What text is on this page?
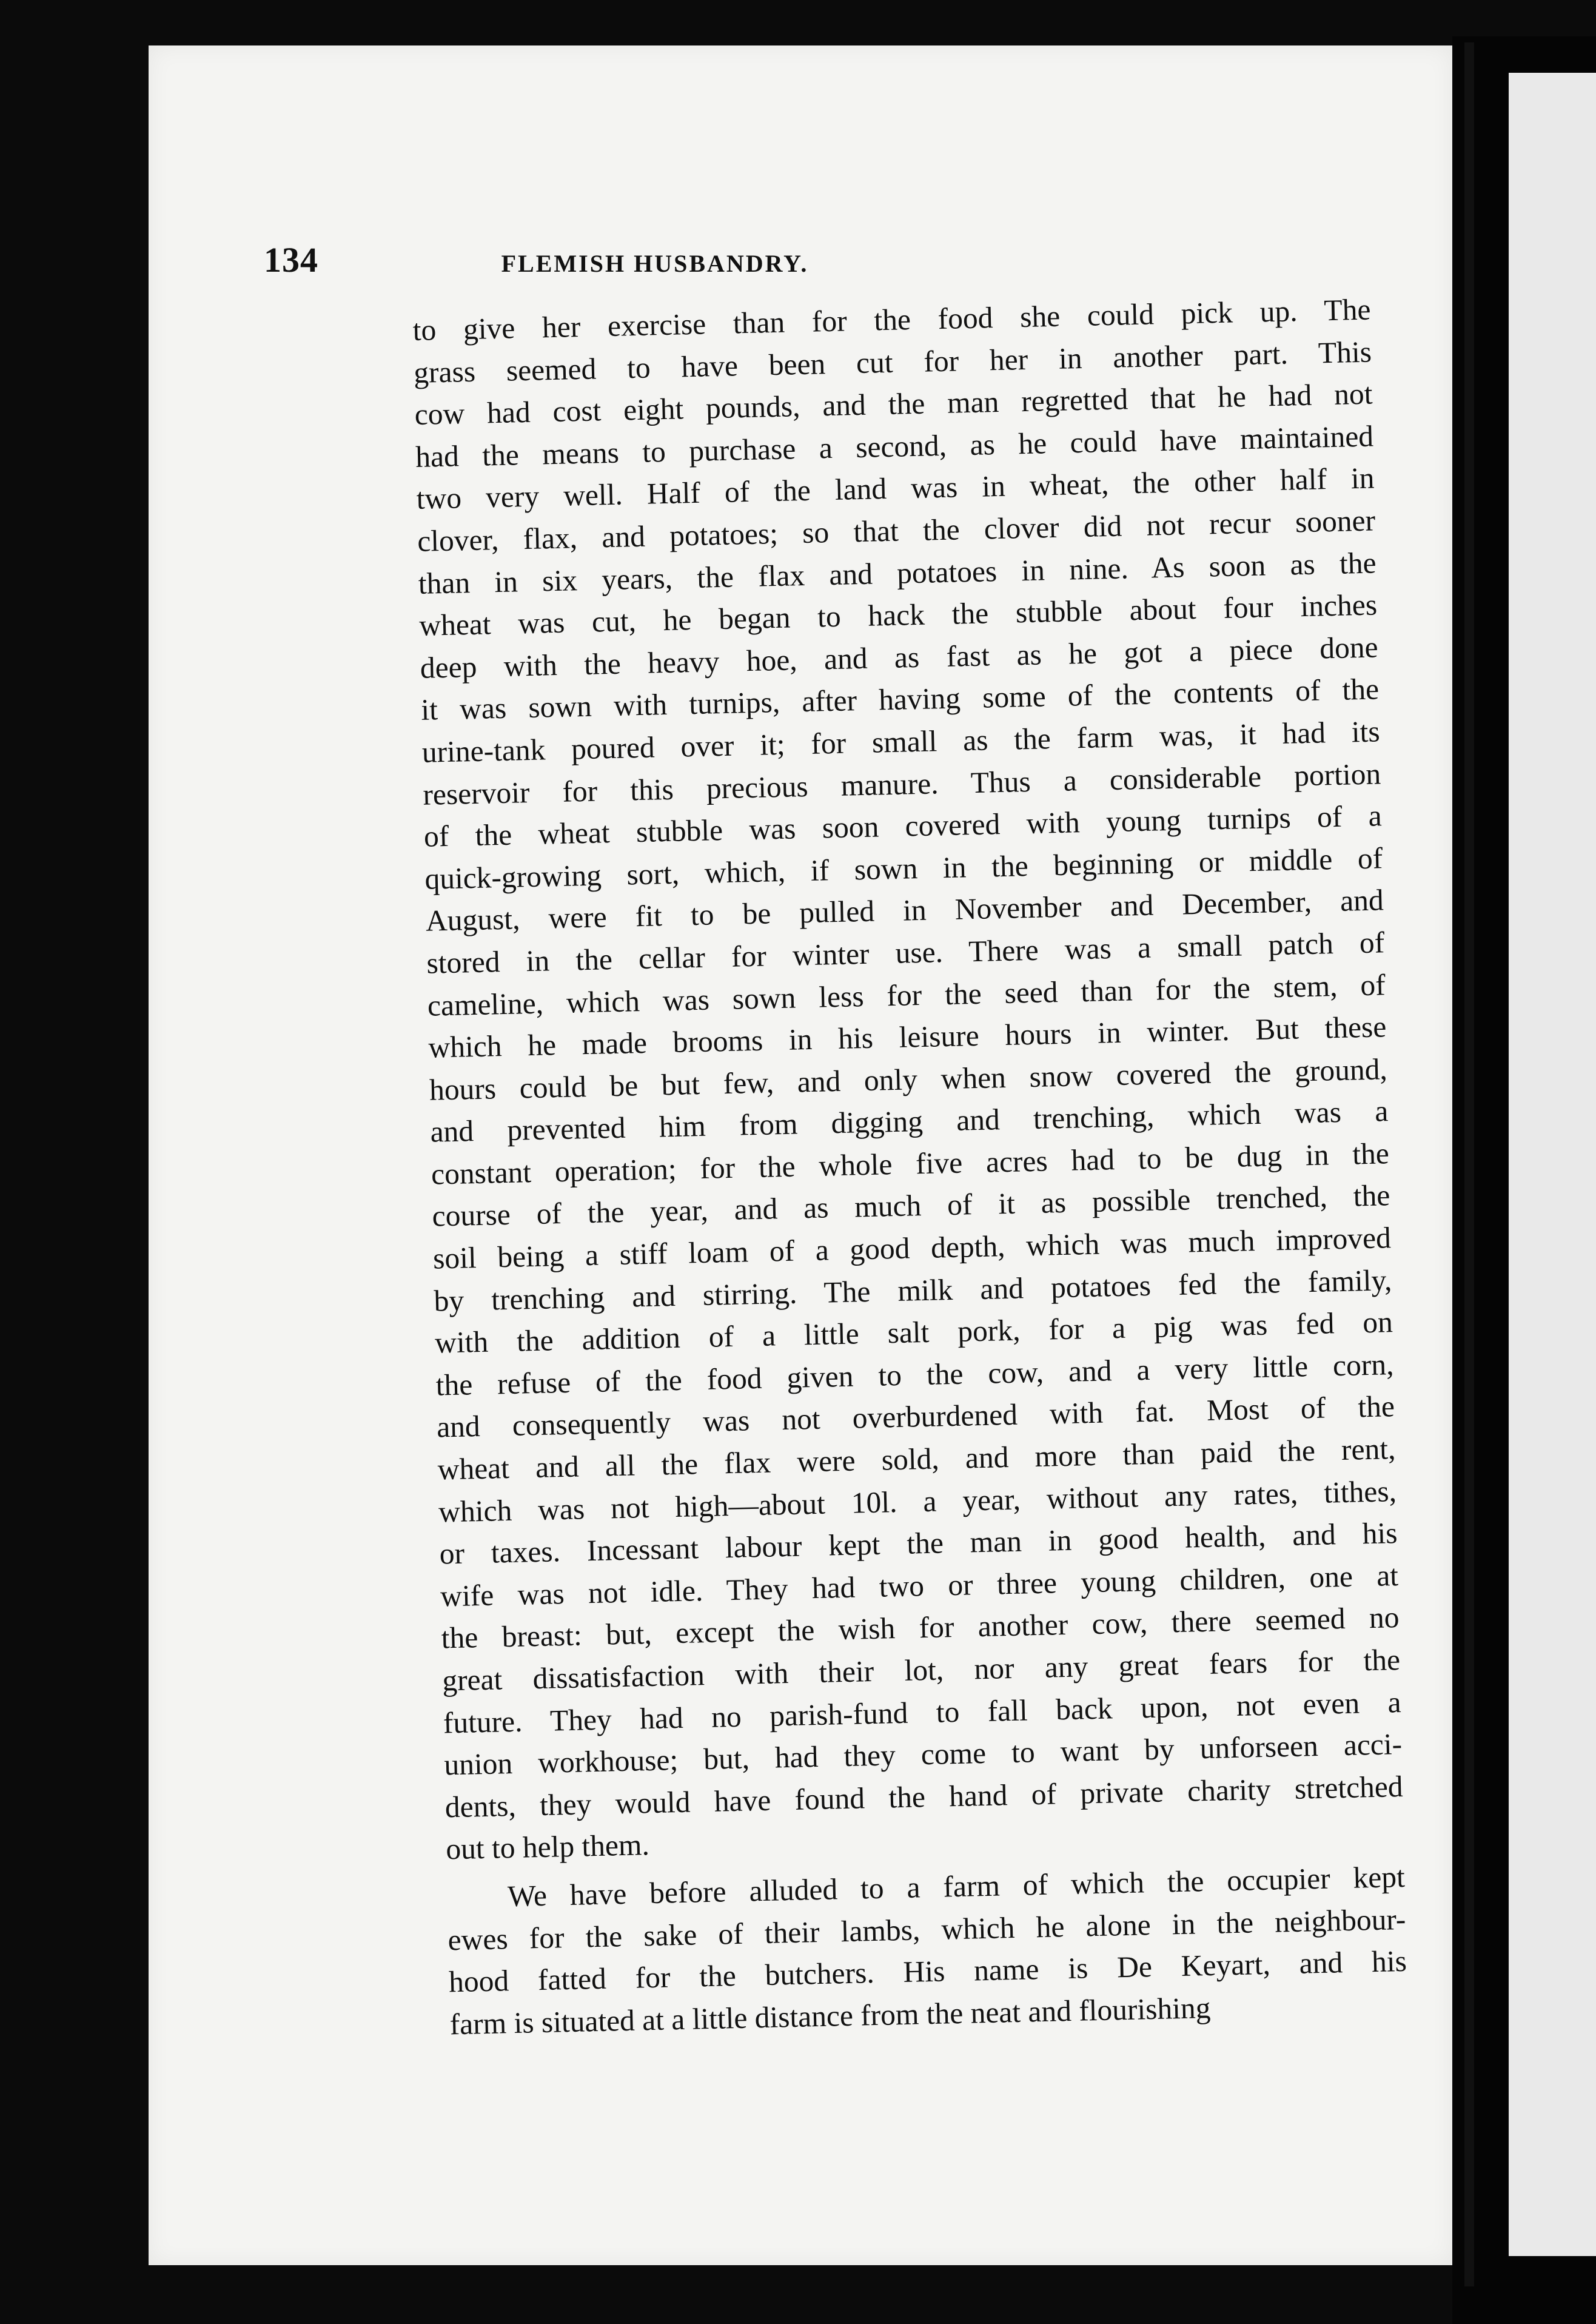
134	FLEMISH HUSBANDRY.
to give her exercise than for the food she could pick up. The
grass seemed to have been cut for her in another part. This
cow had cost eight pounds, and the man regretted that he had not
had the means to purchase a second, as he could have maintained
two very well. Half of the land was in wheat, the other half in
clover, flax, and potatoes; so that the clover did not recur sooner
than in six years, the flax and potatoes in nine. As soon as the
wheat was cut, he began to hack the stubble about four inches
deep with the heavy hoe, and as fast as he got a piece done
it was sown with turnips, after having some of the contents of the
urine-tank poured over it; for small as the farm was, it had its
reservoir for this precious manure. Thus a considerable portion
of the wheat stubble was soon covered with young turnips of a
quick-growing sort, which, if sown in the beginning or middle of
August, were fit to be pulled in November and December, and
stored in the cellar for winter use. There was a small patch of
cameline, which was sown less for the seed than for the stem, of
which he made brooms in his leisure hours in winter. But these
hours could be but few, and only when snow covered the ground,
and prevented him from digging and trenching, which was a
constant operation; for the whole five acres had to be dug in the
course of the year, and as much of it as possible trenched, the
soil being a stiff loam of a good depth, which was much improved
by trenching and stirring. The milk and potatoes fed the family,
with the addition of a little salt pork, for a pig was fed on
the refuse of the food given to the cow, and a very little corn,
and consequently was not overburdened with fat. Most of the
wheat and all the flax were sold, and more than paid the rent,
which was not high—about 10l. a year, without any rates, tithes,
or taxes. Incessant labour kept the man in good health, and his
wife was not idle. They had two or three young children, one at
the breast: but, except the wish for another cow, there seemed no
great dissatisfaction with their lot, nor any great fears for the
future. They had no parish-fund to fall back upon, not even a
union workhouse; but, had they come to want by unforseen acci-
dents, they would have found the hand of private charity stretched
out to help them.
We have before alluded to a farm of which the occupier kept
ewes for the sake of their lambs, which he alone in the neighbour-
hood fatted for the butchers. His name is De Keyart, and his
farm is situated at a little distance from the neat and flourishing
